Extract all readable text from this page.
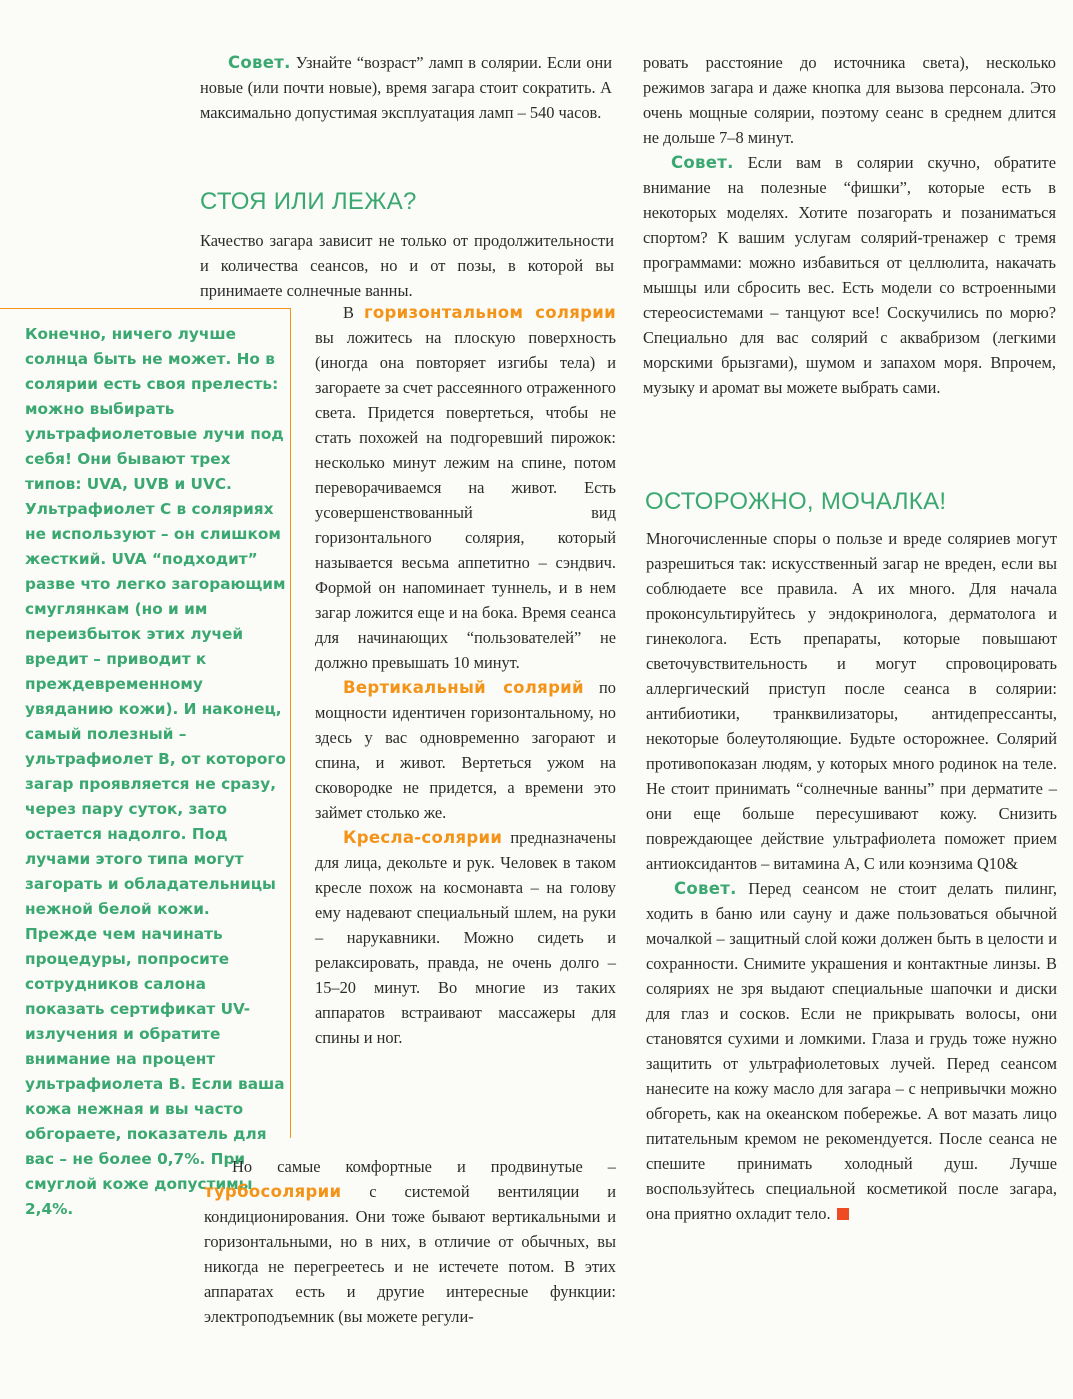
Совет. Узнайте “возраст” ламп в солярии. Если они новые (или почти новые), время загара стоит сократить. А максимально допустимая эксплуатация ламп – 540 часов.

СТОЯ ИЛИ ЛЕЖА?

Качество загара зависит не только от продолжительности и количества сеансов, но и от позы, в которой вы принимаете солнечные ванны.

Конечно, ничего лучше солнца быть не может. Но в солярии есть своя прелесть: можно выбирать ультрафиолетовые лучи под себя! Они бывают трех типов: UVA, UVB и UVC. Ультрафиолет C в соляриях не используют – он слишком жесткий. UVA “подходит” разве что легко загорающим смуглянкам (но и им переизбыток этих лучей вредит – приводит к преждевременному увяданию кожи). И наконец, самый полезный – ультрафиолет B, от которого загар проявляется не сразу, через пару суток, зато остается надолго. Под лучами этого типа могут загорать и обладательницы нежной белой кожи.

Прежде чем начинать процедуры, попросите сотрудников салона показать сертификат UV-излучения и обратите внимание на процент ультрафиолета B. Если ваша кожа нежная и вы часто обгораете, показатель для вас – не более 0,7%. При смуглой коже допустимы 2,4%.

В горизонтальном солярии вы ложитесь на плоскую поверхность (иногда она повторяет изгибы тела) и загораете за счет рассеянного отраженного света. Придется повертеться, чтобы не стать похожей на подгоревший пирожок: несколько минут лежим на спине, потом переворачиваемся на живот. Есть усовершенствованный вид горизонтального солярия, который называется весьма аппетитно – сэндвич. Формой он напоминает туннель, и в нем загар ложится еще и на бока. Время сеанса для начинающих “пользователей” не должно превышать 10 минут.

Вертикальный солярий по мощности идентичен горизонтальному, но здесь у вас одновременно загорают и спина, и живот. Вертеться ужом на сковородке не придется, а времени это займет столько же.

Кресла-солярии предназначены для лица, декольте и рук. Человек в таком кресле похож на космонавта – на голову ему надевают специальный шлем, на руки – нарукавники. Можно сидеть и релаксировать, правда, не очень долго – 15–20 минут. Во многие из таких аппаратов встраивают массажеры для спины и ног.

Но самые комфортные и продвинутые – турбосолярии с системой вентиляции и кондиционирования. Они тоже бывают вертикальными и горизонтальными, но в них, в отличие от обычных, вы никогда не перегреетесь и не истечете потом. В этих аппаратах есть и другие интересные функции: электроподъемник (вы можете регули-

ровать расстояние до источника света), несколько режимов загара и даже кнопка для вызова персонала. Это очень мощные солярии, поэтому сеанс в среднем длится не дольше 7–8 минут.

Совет. Если вам в солярии скучно, обратите внимание на полезные “фишки”, которые есть в некоторых моделях. Хотите позагорать и позаниматься спортом? К вашим услугам солярий-тренажер с тремя программами: можно избавиться от целлюлита, накачать мышцы или сбросить вес. Есть модели со встроенными стереосистемами – танцуют все! Соскучились по морю? Специально для вас солярий с аквабризом (легкими морскими брызгами), шумом и запахом моря. Впрочем, музыку и аромат вы можете выбрать сами.

ОСТОРОЖНО, МОЧАЛКА!

Многочисленные споры о пользе и вреде соляриев могут разрешиться так: искусственный загар не вреден, если вы соблюдаете все правила. А их много. Для начала проконсультируйтесь у эндокринолога, дерматолога и гинеколога. Есть препараты, которые повышают светочувствительность и могут спровоцировать аллергический приступ после сеанса в солярии: антибиотики, транквилизаторы, антидепрессанты, некоторые болеутоляющие. Будьте осторожнее. Солярий противопоказан людям, у которых много родинок на теле. Не стоит принимать “солнечные ванны” при дерматите – они еще больше пересушивают кожу. Снизить повреждающее действие ультрафиолета поможет прием антиоксидантов – витамина A, C или коэнзима Q10&

Совет. Перед сеансом не стоит делать пилинг, ходить в баню или сауну и даже пользоваться обычной мочалкой – защитный слой кожи должен быть в целости и сохранности. Снимите украшения и контактные линзы. В соляриях не зря выдают специальные шапочки и диски для глаз и сосков. Если не прикрывать волосы, они становятся сухими и ломкими. Глаза и грудь тоже нужно защитить от ультрафиолетовых лучей. Перед сеансом нанесите на кожу масло для загара – с непривычки можно обгореть, как на океанском побережье. А вот мазать лицо питательным кремом не рекомендуется. После сеанса не спешите принимать холодный душ. Лучше воспользуйтесь специальной косметикой после загара, она приятно охладит тело.
